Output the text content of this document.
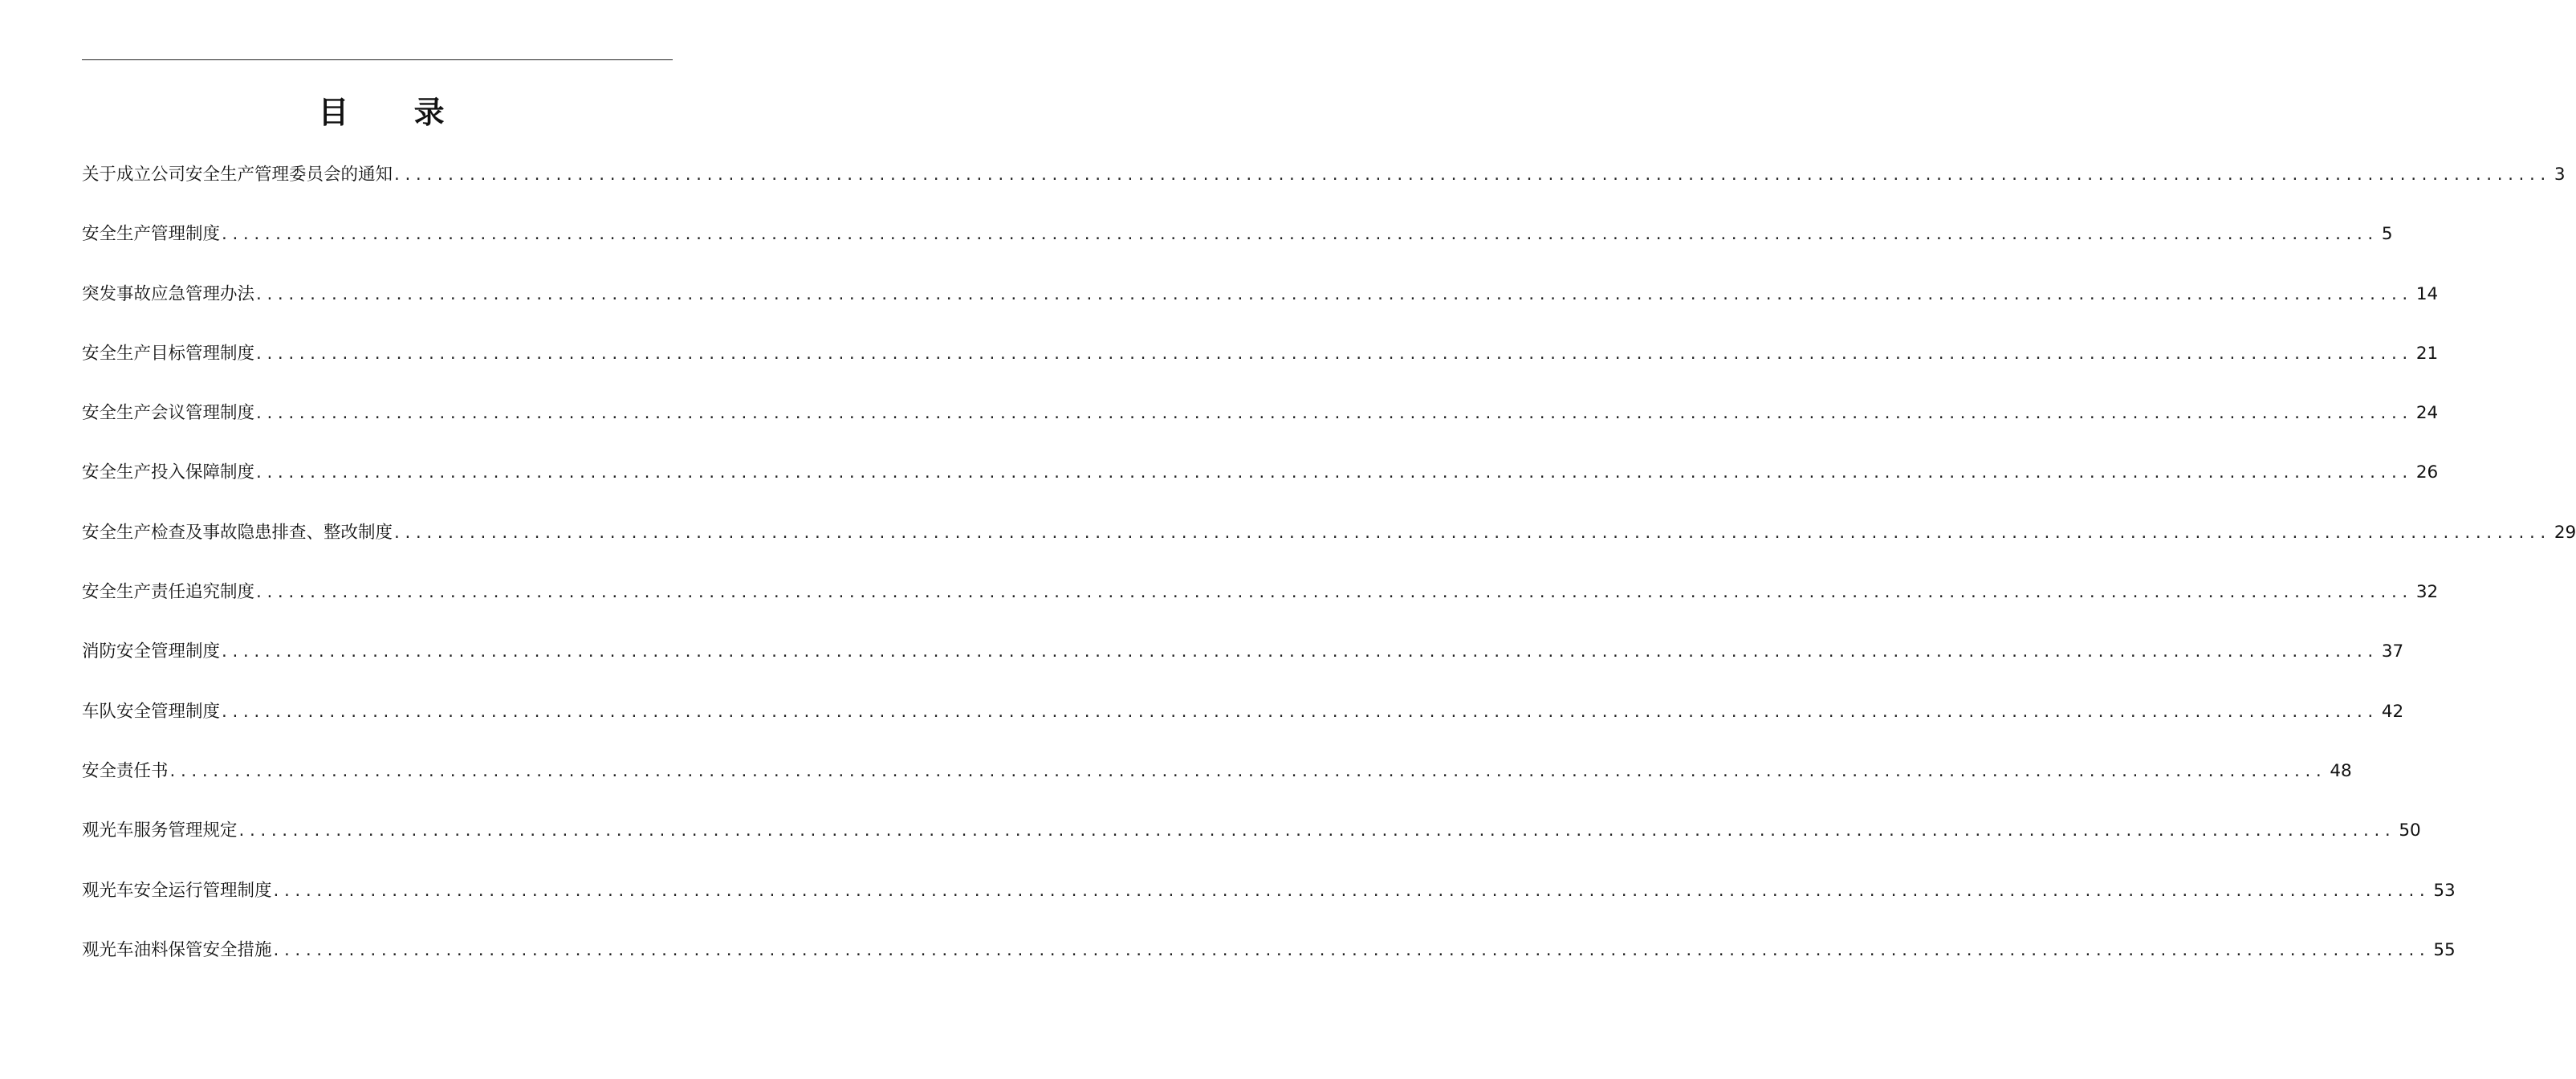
目 录
关于成立公司安全生产管理委员会的通知 ........................................................................................................................................................................................................ 3
安全生产管理制度 ........................................................................................................................................................................................................ 5
突发事故应急管理办法 ........................................................................................................................................................................................................ 14
安全生产目标管理制度 ........................................................................................................................................................................................................ 21
安全生产会议管理制度 ........................................................................................................................................................................................................ 24
安全生产投入保障制度 ........................................................................................................................................................................................................ 26
安全生产检查及事故隐患排查、整改制度 ........................................................................................................................................................................................................ 29
安全生产责任追究制度 ........................................................................................................................................................................................................ 32
消防安全管理制度 ........................................................................................................................................................................................................ 37
车队安全管理制度 ........................................................................................................................................................................................................ 42
安全责任书 ........................................................................................................................................................................................................ 48
观光车服务管理规定 ........................................................................................................................................................................................................ 50
观光车安全运行管理制度 ........................................................................................................................................................................................................ 53
观光车油料保管安全措施 ........................................................................................................................................................................................................ 55
